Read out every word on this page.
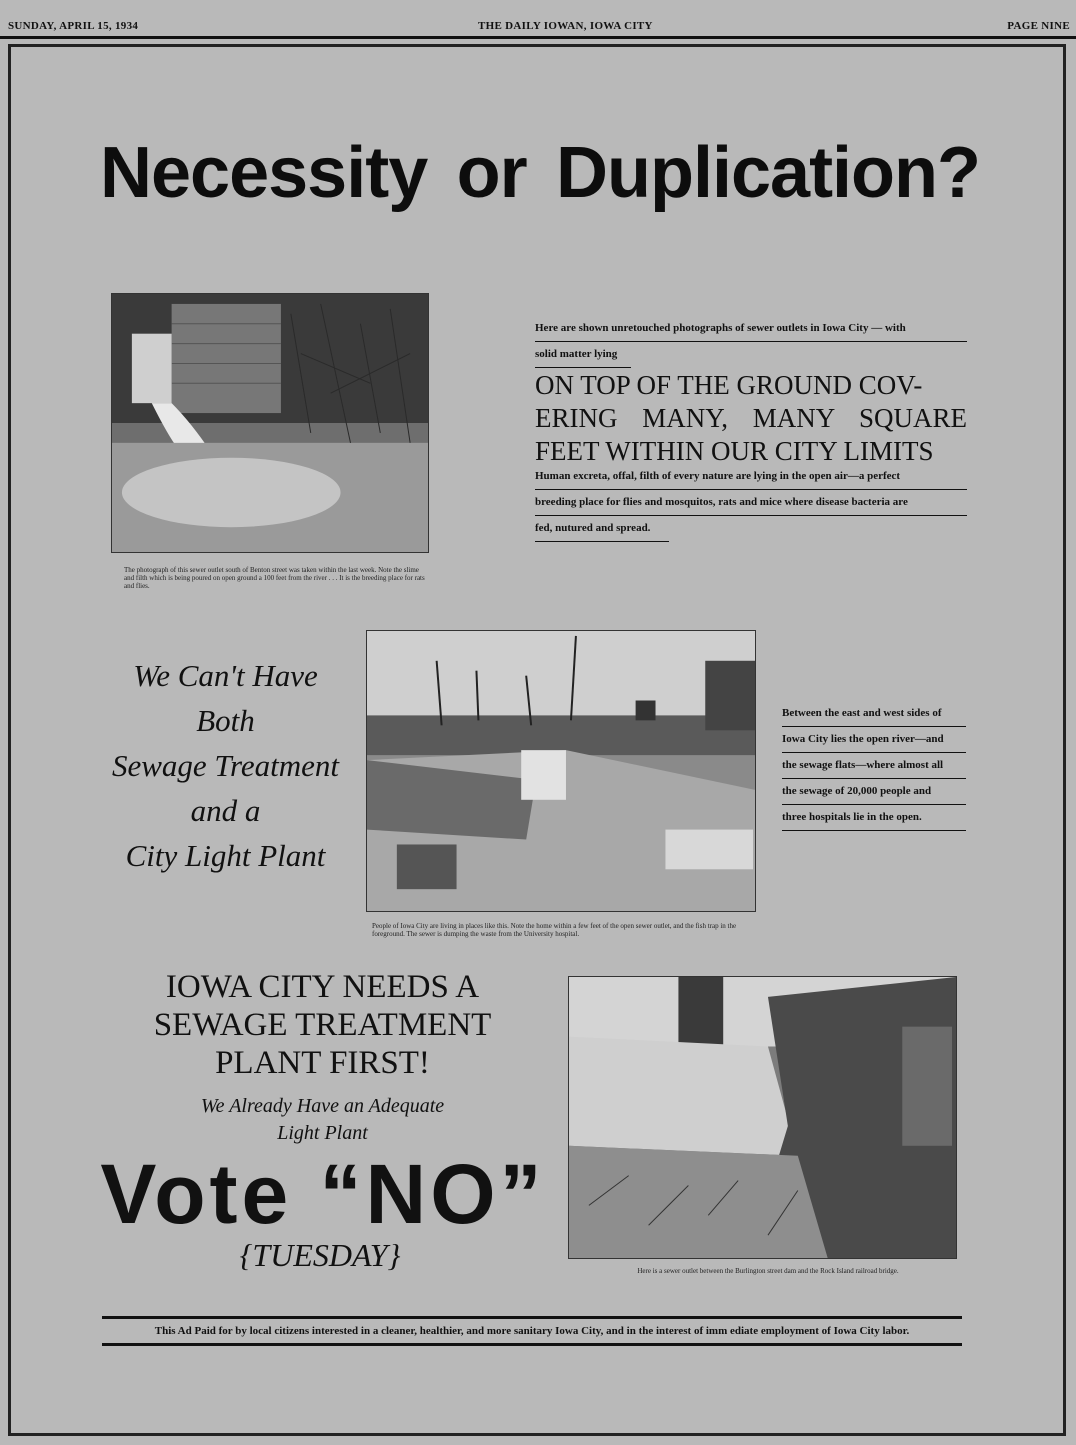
SUNDAY, APRIL 15, 1934	THE DAILY IOWAN, IOWA CITY	PAGE NINE
Necessity or Duplication?
The photograph of this sewer outlet south of Benton street was taken within the last week. Note the slime and filth which is being poured on open ground a 100 feet from the river . . . It is the breeding place for rats and flies.
Here are shown unretouched photographs of sewer outlets in Iowa City — with
solid matter lying
ON TOP OF THE GROUND COV-
ERING MANY, MANY SQUARE
FEET WITHIN OUR CITY LIMITS
Human excreta, offal, filth of every nature are lying in the open air—a perfect
breeding place for flies and mosquitos, rats and mice where disease bacteria are
fed, nutured and spread.
We Can't Have
Both
Sewage Treatment
and a
City Light Plant
People of Iowa City are living in places like this. Note the home within a few feet of the open sewer outlet, and the fish trap in the foreground. The sewer is dumping the waste from the University hospital.
Between the east and west sides of
Iowa City lies the open river—and
the sewage flats—where almost all
the sewage of 20,000 people and
three hospitals lie in the open.
IOWA CITY NEEDS A
SEWAGE TREATMENT
PLANT FIRST!
We Already Have an Adequate
Light Plant
Vote “NO”
{TUESDAY}	Here is a sewer outlet between the Burlington street dam and the Rock Island railroad bridge.
This Ad Paid for by local citizens interested in a cleaner, healthier, and more sanitary Iowa City, and in the interest of imm ediate employment of Iowa City labor.
